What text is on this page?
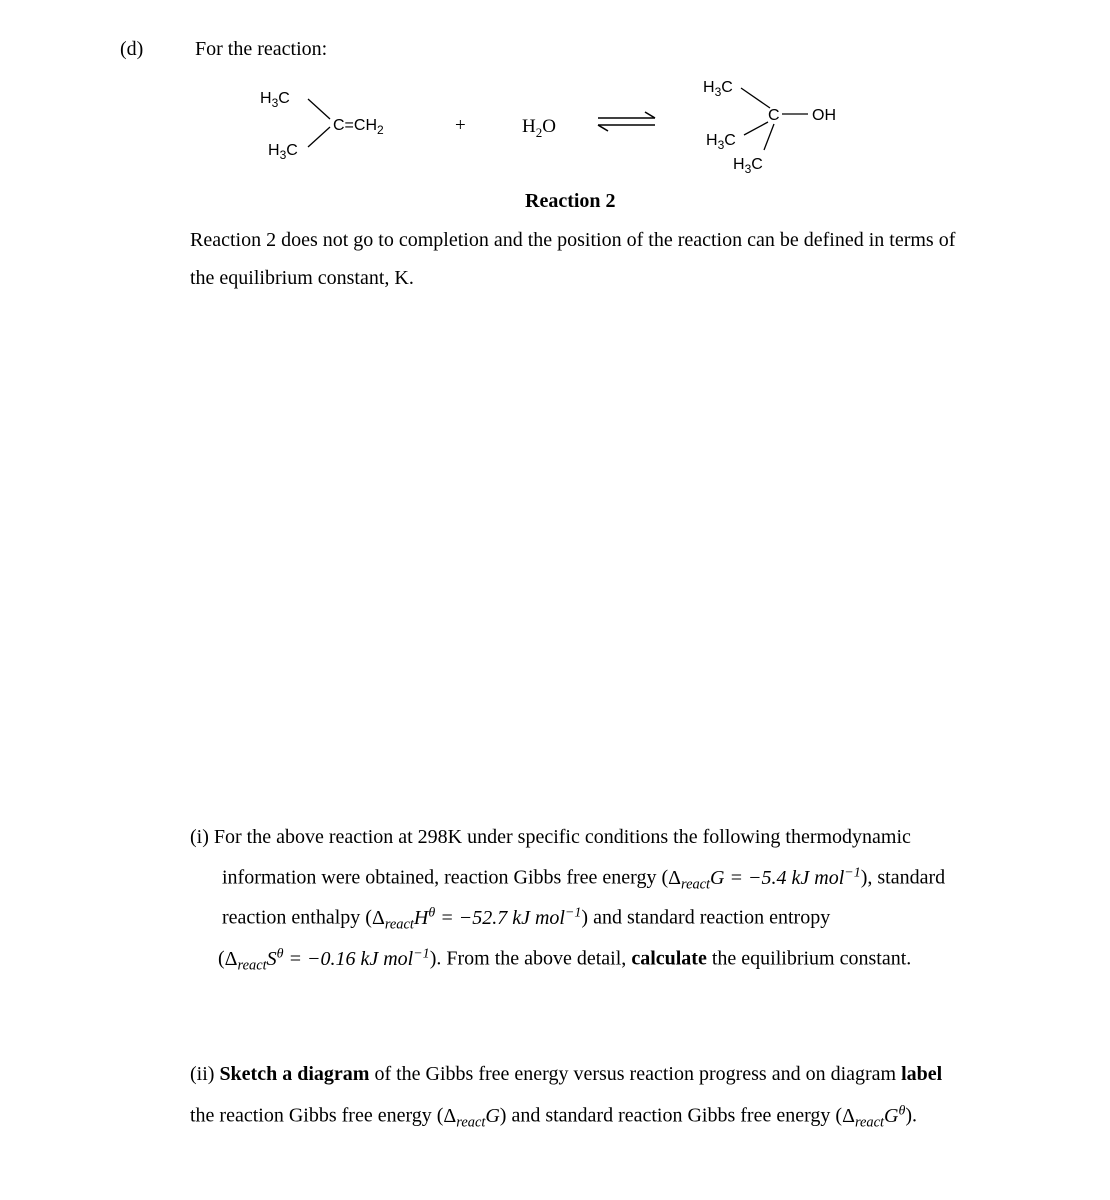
(d)	For the reaction:
$H_3C$
$H_3C$
$C=CH_2$	+	$H_2O$
$H_3C$
C OH
$H_3C$
$H_3C$
Reaction 2
Reaction 2 does not go to completion and the position of the reaction can be defined in terms of
the equilibrium constant, K.
(i) For the above reaction at 298K under specific conditions the following thermodynamic
information were obtained, reaction Gibbs free energy ($\Delta_{react}G = -5.4$ kJ mol$^{-1}$), standard
reaction enthalpy ($\Delta_{react}H^\theta = -52.7$ kJ mol$^{-1}$) and standard reaction entropy
($\Delta_{react}S^\theta = -0.16$ kJ mol$^{-1}$). From the above detail, calculate the equilibrium constant.
(ii) Sketch a diagram of the Gibbs free energy versus reaction progress and on diagram label
the reaction Gibbs free energy $(\Delta_{react}G)$ and standard reaction Gibbs free energy $(\Delta_{react}G^\theta)$.
